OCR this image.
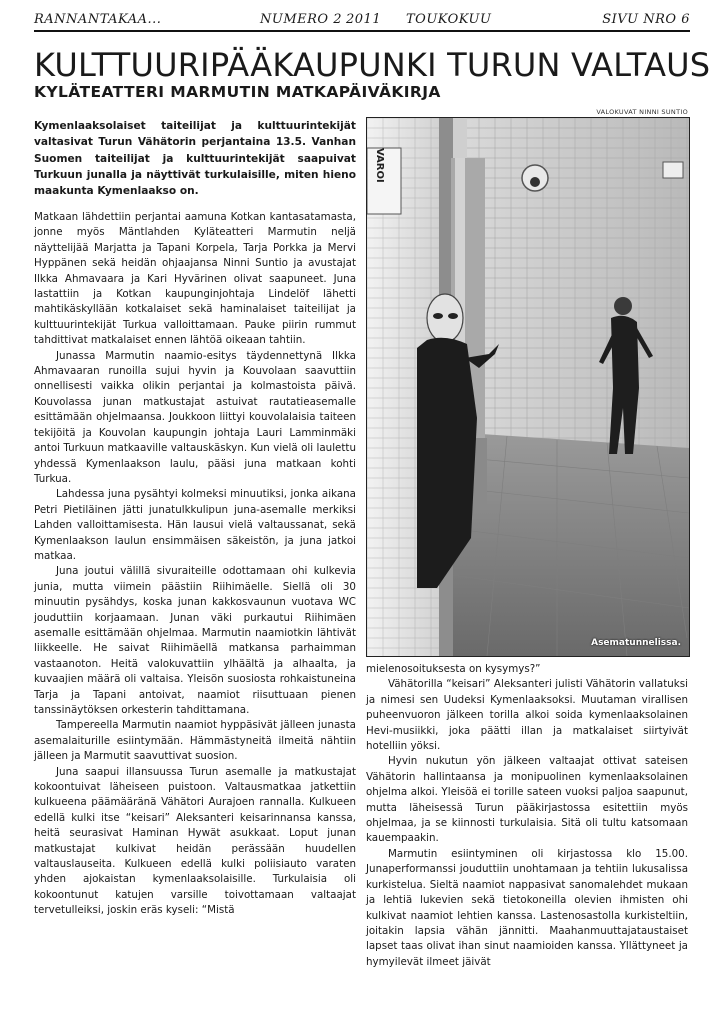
RANNANTAKAA...	NUMERO 2 2011 TOUKOKUU	SIVU NRO 6
KULTTUURIPÄÄKAUPUNKI TURUN VALTAUS
KYLÄTEATTERI MARMUTIN MATKAPÄIVÄKIRJA
VALOKUVAT NINNI SUNTIO
Kymenlaaksolaiset taiteilijat ja kulttuurintekijät valtasivat Turun Vähätorin perjantaina 13.5. Vanhan Suomen taiteilijat ja kulttuurintekijät saapuivat Turkuun junalla ja näyttivät turkulaisille, miten hieno maakunta Kymenlaakso on.

Matkaan lähdettiin perjantai aamuna Kotkan kantasatamasta, jonne myös Mäntlahden Kyläteatteri Marmutin neljä näyttelijää Marjatta ja Tapani Korpela, Tarja Porkka ja Mervi Hyppänen sekä heidän ohjaajansa Ninni Suntio ja avustajat Ilkka Ahmavaara ja Kari Hyvärinen olivat saapuneet. Juna lastattiin ja Kotkan kaupunginjohtaja Lindelöf lähetti mahtikäskyllään kotkalaiset sekä haminalaiset taiteilijat ja kulttuurintekijät Turkua valloittamaan. Pauke piirin rummut tahdittivat matkalaiset ennen lähtöä oikeaan tahtiin.

Junassa Marmutin naamio-esitys täydennettynä Ilkka Ahmavaaran runoilla sujui hyvin ja Kouvolaan saavuttiin onnellisesti vaikka olikin perjantai ja kolmastoista päivä. Kouvolassa junan matkustajat astuivat rautatieasemalle esittämään ohjelmaansa. Joukkoon liittyi kouvolalaisia taiteen tekijöitä ja Kouvolan kaupungin johtaja Lauri Lamminmäki antoi Turkuun matkaaville valtauskäskyn. Kun vielä oli laulettu yhdessä Kymenlaakson laulu, pääsi juna matkaan kohti Turkua.

Lahdessa juna pysähtyi kolmeksi minuutiksi, jonka aikana Petri Pietiläinen jätti junatulkkulipun juna-asemalle merkiksi Lahden valloittamisesta. Hän lausui vielä valtaussanat, sekä Kymenlaakson laulun ensimmäisen säkeistön, ja juna jatkoi matkaa.

Juna joutui välillä sivuraiteille odottamaan ohi kulkevia junia, mutta viimein päästiin Riihimäelle. Siellä oli 30 minuutin pysähdys, koska junan kakkosvaunun vuotava WC jouduttiin korjaamaan. Junan väki purkautui Riihimäen asemalle esittämään ohjelmaa. Marmutin naamiotkin lähtivät liikkeelle. He saivat Riihimäellä matkansa parhaimman vastaanoton. Heitä valokuvattiin ylhäältä ja alhaalta, ja kuvaajien määrä oli valtaisa. Yleisön suosiosta rohkaistuneina Tarja ja Tapani antoivat, naamiot riisuttuaan pienen tanssinäytöksen orkesterin tahdittamana.

Tampereella Marmutin naamiot hyppäsivät jälleen junasta asemalaiturille esiintymään. Hämmästyneitä ilmeitä nähtiin jälleen ja Marmutit saavuttivat suosion.

Juna saapui illansuussa Turun asemalle ja matkustajat kokoontuivat läheiseen puistoon. Valtausmatkaa jatkettiin kulkueena päämääränä Vähätori Aurajoen rannalla. Kulkueen edellä kulki itse “keisari” Aleksanteri keisarinnansa kanssa, heitä seurasivat Haminan Hywät asukkaat. Loput junan matkustajat kulkivat heidän perässään huudellen valtauslauseita. Kulkueen edellä kulki poliisiauto varaten yhden ajokaistan kymenlaaksolaisille. Turkulaisia oli kokoontunut katujen varsille toivottamaan valtaajat tervetulleiksi, joskin eräs kyseli: “Mistä

VAROI
Asematunnelissa.

mielenosoituksesta on kysymys?”

Vähätorilla “keisari” Aleksanteri julisti Vähätorin vallatuksi ja nimesi sen Uudeksi Kymenlaaksoksi. Muutaman virallisen puheenvuoron jälkeen torilla alkoi soida kymenlaaksolainen Hevi-musiikki, joka päätti illan ja matkalaiset siirtyivät hotelliin yöksi.

Hyvin nukutun yön jälkeen valtaajat ottivat sateisen Vähätorin hallintaansa ja monipuolinen kymenlaaksolainen ohjelma alkoi. Yleisöä ei torille sateen vuoksi paljoa saapunut, mutta läheisessä Turun pääkirjastossa esitettiin myös ohjelmaa, ja se kiinnosti turkulaisia. Sitä oli tultu katsomaan kauempaakin.

Marmutin esiintyminen oli kirjastossa klo 15.00. Junaperformanssi jouduttiin unohtamaan ja tehtiin lukusalissa kurkistelua. Sieltä naamiot nappasivat sanomalehdet mukaan ja lehtiä lukevien sekä tietokoneilla olevien ihmisten ohi kulkivat naamiot lehtien kanssa. Lastenosastolla kurkisteltiin, joitakin lapsia vähän jännitti. Maahanmuuttajataustaiset lapset taas olivat ihan sinut naamioiden kanssa. Yllättyneet ja hymyilevät ilmeet jäivät
